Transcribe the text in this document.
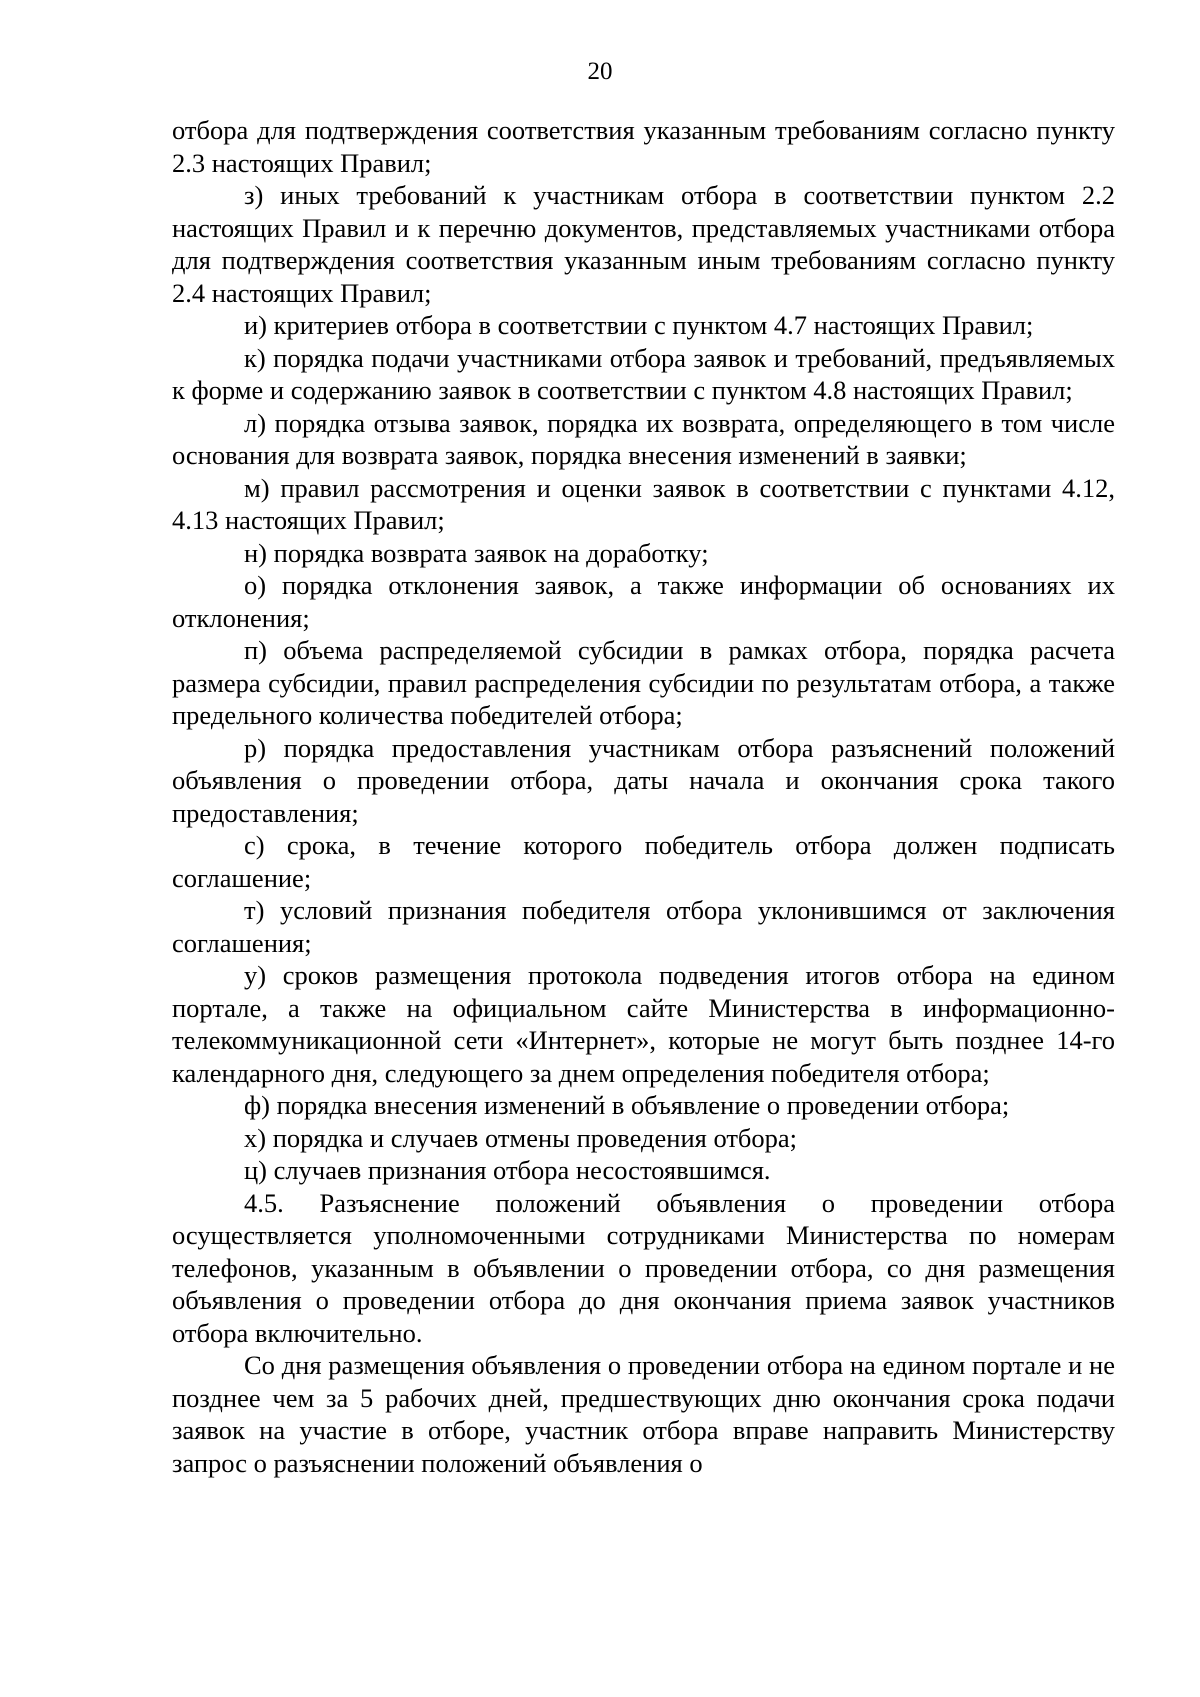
20

отбора для подтверждения соответствия указанным требованиям согласно пункту 2.3 настоящих Правил;

з) иных требований к участникам отбора в соответствии пунктом 2.2 настоящих Правил и к перечню документов, представляемых участниками отбора для подтверждения соответствия указанным иным требованиям согласно пункту 2.4 настоящих Правил;

и) критериев отбора в соответствии с пунктом 4.7 настоящих Правил;

к) порядка подачи участниками отбора заявок и требований, предъявляемых к форме и содержанию заявок в соответствии с пунктом 4.8 настоящих Правил;

л) порядка отзыва заявок, порядка их возврата, определяющего в том числе основания для возврата заявок, порядка внесения изменений в заявки;

м) правил рассмотрения и оценки заявок в соответствии с пунктами 4.12, 4.13 настоящих Правил;

н) порядка возврата заявок на доработку;

о) порядка отклонения заявок, а также информации об основаниях их отклонения;

п) объема распределяемой субсидии в рамках отбора, порядка расчета размера субсидии, правил распределения субсидии по результатам отбора, а также предельного количества победителей отбора;

р) порядка предоставления участникам отбора разъяснений положений объявления о проведении отбора, даты начала и окончания срока такого предоставления;

с) срока, в течение которого победитель отбора должен подписать соглашение;

т) условий признания победителя отбора уклонившимся от заключения соглашения;

у) сроков размещения протокола подведения итогов отбора на едином портале, а также на официальном сайте Министерства в информационно-телекоммуникационной сети «Интернет», которые не могут быть позднее 14-го календарного дня, следующего за днем определения победителя отбора;

ф) порядка внесения изменений в объявление о проведении отбора;

х) порядка и случаев отмены проведения отбора;

ц) случаев признания отбора несостоявшимся.

4.5. Разъяснение положений объявления о проведении отбора осуществляется уполномоченными сотрудниками Министерства по номерам телефонов, указанным в объявлении о проведении отбора, со дня размещения объявления о проведении отбора до дня окончания приема заявок участников отбора включительно.

Со дня размещения объявления о проведении отбора на едином портале и не позднее чем за 5 рабочих дней, предшествующих дню окончания срока подачи заявок на участие в отборе, участник отбора вправе направить Министерству запрос о разъяснении положений объявления о
